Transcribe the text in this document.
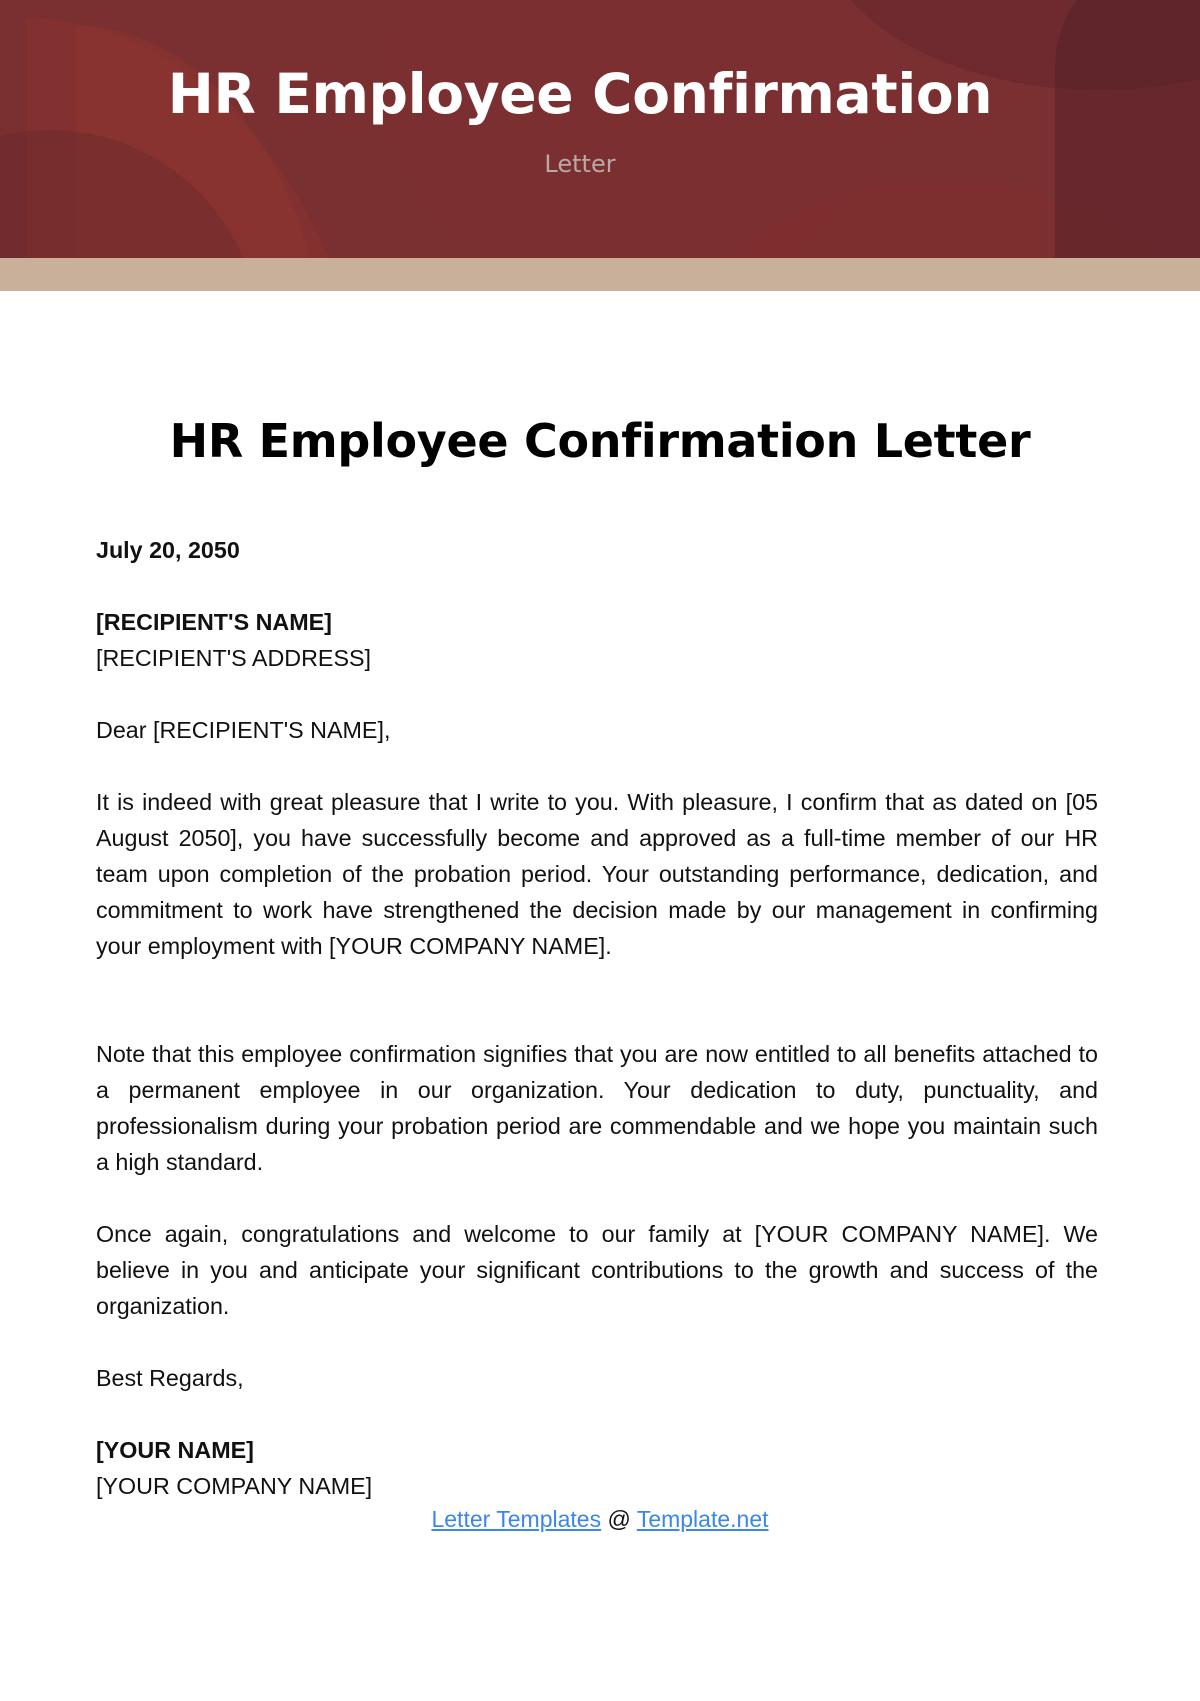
HR Employee Confirmation
Letter
HR Employee Confirmation Letter
July 20, 2050
[RECIPIENT'S NAME]
[RECIPIENT'S ADDRESS]
Dear [RECIPIENT'S NAME],

It is indeed with great pleasure that I write to you. With pleasure, I confirm that as dated on [05 August 2050], you have successfully become and approved as a full-time member of our HR team upon completion of the probation period. Your outstanding performance, dedication, and commitment to work have strengthened the decision made by our management in confirming your employment with [YOUR COMPANY NAME].

Note that this employee confirmation signifies that you are now entitled to all benefits attached to a permanent employee in our organization. Your dedication to duty, punctuality, and professionalism during your probation period are commendable and we hope you maintain such a high standard.

Once again, congratulations and welcome to our family at [YOUR COMPANY NAME]. We believe in you and anticipate your significant contributions to the growth and success of the organization.

Best Regards,
[YOUR NAME]
[YOUR COMPANY NAME]
Letter Templates @ Template.net
